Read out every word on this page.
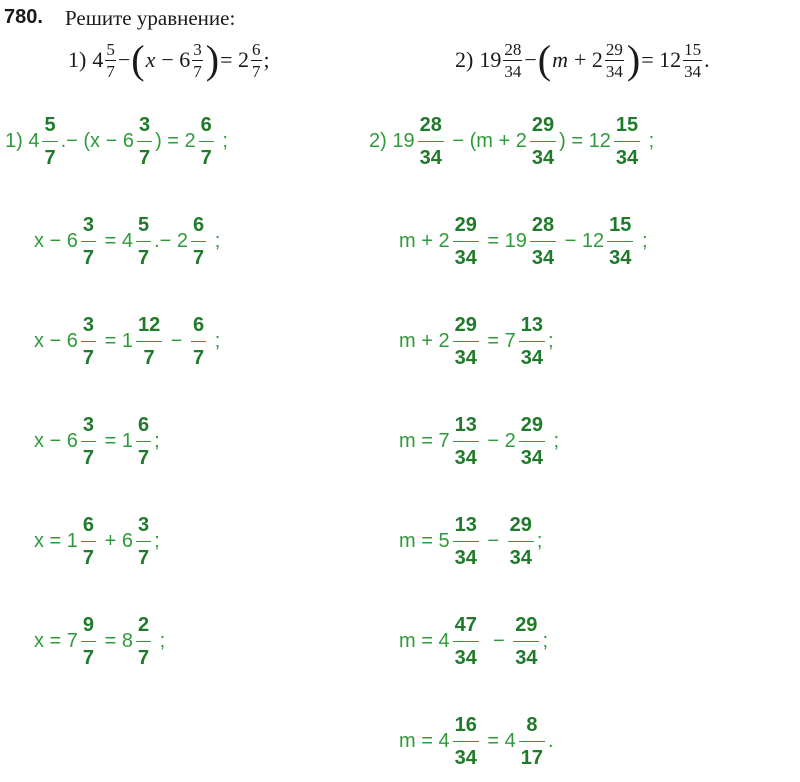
780. Решите уравнение:
1) 4 5
7 − ( x − 6 3
7 ) = 2 6
7 ;	2) 19 28
34 − ( m + 2 29
34 ) = 12 15
34 .
1) 4
5
7
.− (x − 6
3
7
) = 2
6
7
;
x − 6
3
7
= 4
5
7
.− 2
6
7
;
x − 6
3
7
= 1
12
7
−
6
7
;
x − 6
3
7
= 1
6
7
;
x = 1
6
7
+ 6
3
7
;
x = 7
9
7
= 8
2
7
;
2) 19
28
34
− (m + 2
29
34
) = 12
15
34
;
m + 2
29
34
= 19
28
34
− 12
15
34
;
m + 2
29
34
= 7
13
34
;
m = 7
13
34
− 2
29
34
;
m = 5
13
34
−
29
34
;
m = 4
47
34
−
29
34
;
m = 4
16
34
= 4
8
17
.
